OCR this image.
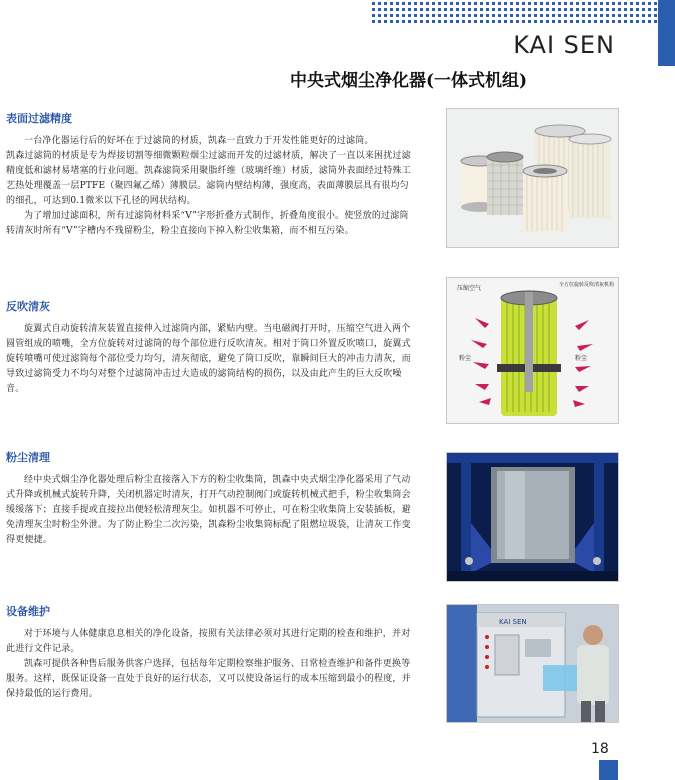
KAI SEN
中央式烟尘净化器(一体式机组)

表面过滤精度

一台净化器运行后的好坏在于过滤筒的材质，凯森一直致力于开发性能更好的过滤筒。

凯森过滤筒的材质是专为焊接切割等细微颗粒烟尘过滤而开发的过滤材质，解决了一直以来困扰过滤精度低和滤材易堵塞的行业问题。凯森滤筒采用聚脂纤维（玻璃纤维）材质，滤筒外表面经过特殊工艺热处理覆盖一层PTFE（聚四氟乙烯）薄膜层。滤筒内壁结构薄，强度高，表面薄膜层具有很均匀的细孔，可达到0.1微米以下孔径的网状结构。

为了增加过滤面积，所有过滤筒材料采“V”字形折叠方式制作，折叠角度很小。使竖放的过滤筒转清灰时所有“V”字槽内不残留粉尘，粉尘直接向下掉入粉尘收集箱，而不相互污染。

反吹清灰

旋翼式自动旋转清灰装置直接伸入过滤筒内部，紧贴内壁。当电磁阀打开时，压缩空气进入两个圆管组成的喷嘴，全方位旋转对过滤筒的每个部位进行反吹清灰。相对于筒口外置反吹喷口，旋翼式旋转喷嘴可使过滤筒每个部位受力均匀，清灰彻底，避免了筒口反吹，靠瞬间巨大的冲击力清灰，而导致过滤筒受力不均匀对整个过滤筒冲击过大造成的滤筒结构的损伤，以及由此产生的巨大反吹噪音。

粉尘清理

经中央式烟尘净化器处理后粉尘直接落入下方的粉尘收集筒，凯森中央式烟尘净化器采用了气动式升降或机械式旋转升降，关闭机器定时清灰，打开气动控制阀门或旋转机械式把手，粉尘收集筒会缓缓落下；直接手提或直接拉出便轻松清理灰尘。如机器不可停止，可在粉尘收集筒上安装插板，避免清理灰尘时粉尘外泄。为了防止粉尘二次污染，凯森粉尘收集筒标配了阻燃垃圾袋，让清灰工作变得更便捷。

设备维护

对于环境与人体健康息息相关的净化设备，按照有关法律必须对其进行定期的检查和维护，并对此进行文件记录。

凯森可提供各种售后服务供客户选择，包括每年定期检察维护服务、日常检查维护和备件更换等服务。这样，既保证设备一直处于良好的运行状态，又可以使设备运行的成本压缩到最小的程度，并保持最低的运行费用。

压缩空气	全方位旋转反吹清灰机构
粉尘	粉尘
KAI SEN
18
